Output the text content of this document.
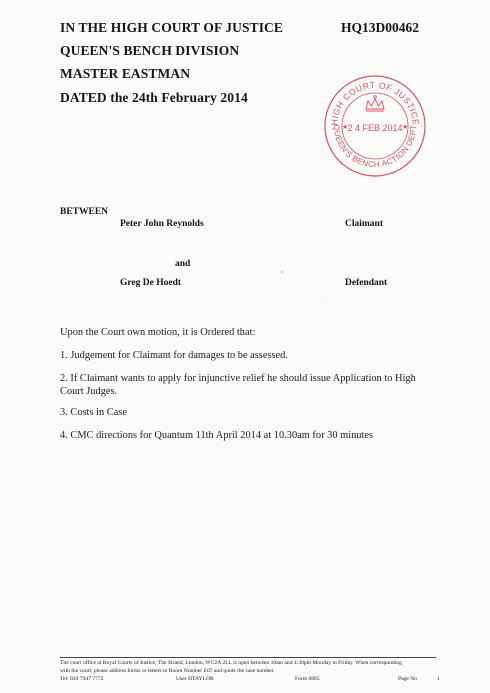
IN THE HIGH COURT OF JUSTICE
QUEEN'S BENCH DIVISION
MASTER EASTMAN
DATED the 24th February 2014
HQ13D00462
HIGH COURT OF JUSTICE
QUEEN'S BENCH ACTION DEPT
2 4 FEB 2014
★	★
BETWEEN
Peter John Reynolds	Claimant
and
Greg De Hoedt	Defendant
Upon the Court own motion, it is Ordered that:
1. Judgement for Claimant for damages to be assessed.
2. If Claimant wants to apply for injunctive relief he should issue Application to High
Court Judges.
3. Costs in Case
4. CMC directions for Quantum 11th April 2014 at 10.30am for 30 minutes
The court office at Royal Courts of Justice, The Strand, London, WC2A 2LL is open between 10am and 4:30pm Monday to Friday. When corresponding
with the court, please address forms or letters to Room Number E07 and quote the case number.
Tel: 020 7947 7772	User HTAYLOR	Form 0065	Page No	1
